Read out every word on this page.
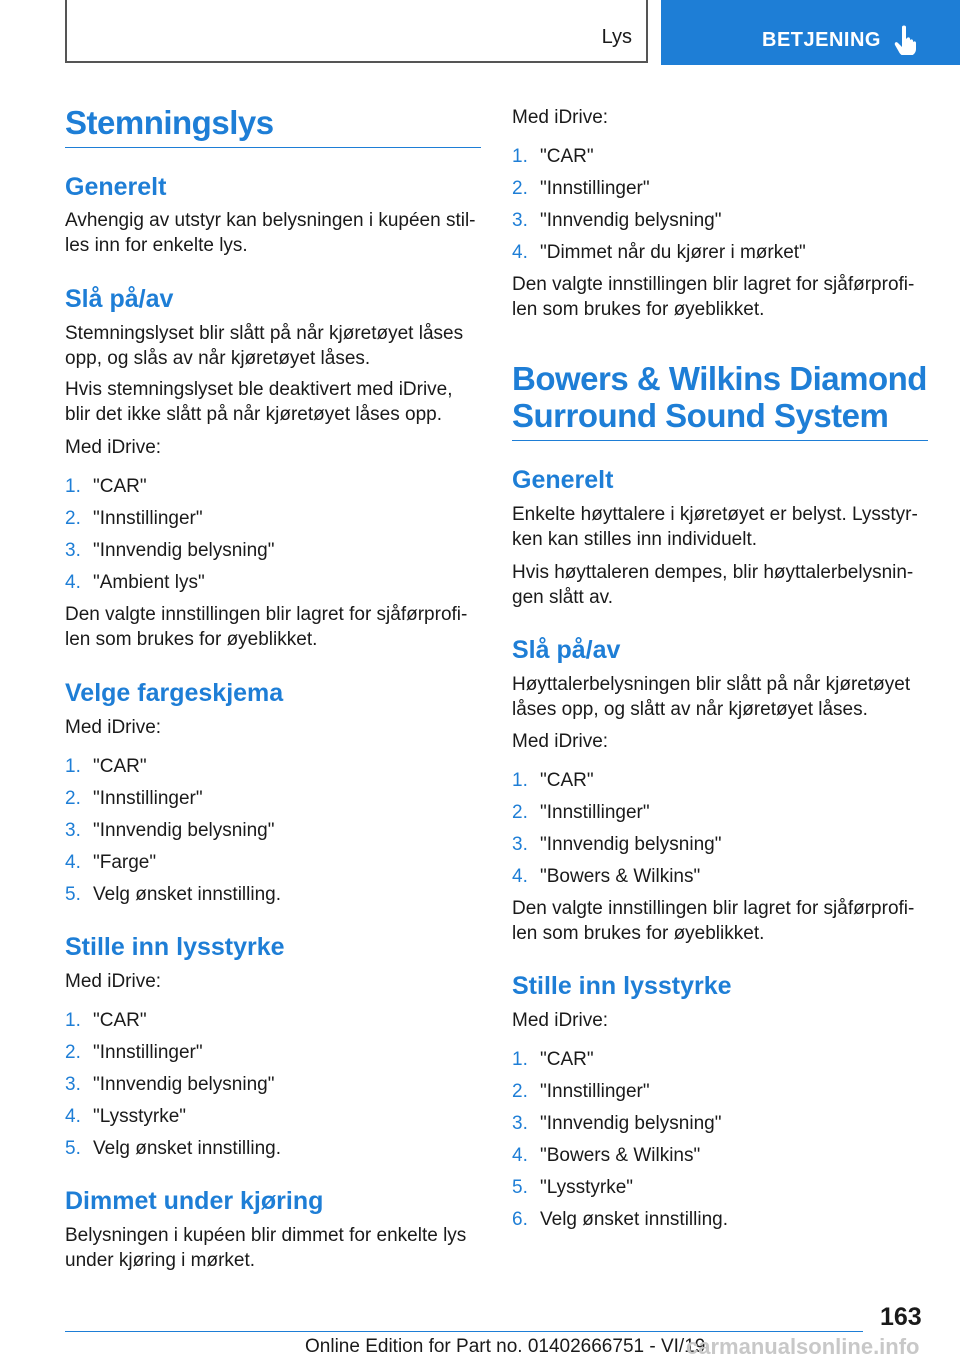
Lys	BETJENING
Stemningslys
Generelt
Avhengig av utstyr kan belysningen i kupéen stil-
les inn for enkelte lys.
Slå på/av
Stemningslyset blir slått på når kjøretøyet låses
opp, og slås av når kjøretøyet låses.
Hvis stemningslyset ble deaktivert med iDrive,
blir det ikke slått på når kjøretøyet låses opp.
Med iDrive:
1. "CAR"
2. "Innstillinger"
3. "Innvendig belysning"
4. "Ambient lys"
Den valgte innstillingen blir lagret for sjåførprofi-
len som brukes for øyeblikket.
Velge fargeskjema
Med iDrive:
1. "CAR"
2. "Innstillinger"
3. "Innvendig belysning"
4. "Farge"
5. Velg ønsket innstilling.
Stille inn lysstyrke
Med iDrive:
1. "CAR"
2. "Innstillinger"
3. "Innvendig belysning"
4. "Lysstyrke"
5. Velg ønsket innstilling.
Dimmet under kjøring
Belysningen i kupéen blir dimmet for enkelte lys
under kjøring i mørket.
Med iDrive:
1. "CAR"
2. "Innstillinger"
3. "Innvendig belysning"
4. "Dimmet når du kjører i mørket"
Den valgte innstillingen blir lagret for sjåførprofi-
len som brukes for øyeblikket.
Bowers & Wilkins Diamond
Surround Sound System
Generelt
Enkelte høyttalere i kjøretøyet er belyst. Lysstyr-
ken kan stilles inn individuelt.
Hvis høyttaleren dempes, blir høyttalerbelysnin-
gen slått av.
Slå på/av
Høyttalerbelysningen blir slått på når kjøretøyet
låses opp, og slått av når kjøretøyet låses.
Med iDrive:
1. "CAR"
2. "Innstillinger"
3. "Innvendig belysning"
4. "Bowers & Wilkins"
Den valgte innstillingen blir lagret for sjåførprofi-
len som brukes for øyeblikket.
Stille inn lysstyrke
Med iDrive:
1. "CAR"
2. "Innstillinger"
3. "Innvendig belysning"
4. "Bowers & Wilkins"
5. "Lysstyrke"
6. Velg ønsket innstilling.
163
Online Edition for Part no. 01402666751 - VI/19
carmanualsonline.info
